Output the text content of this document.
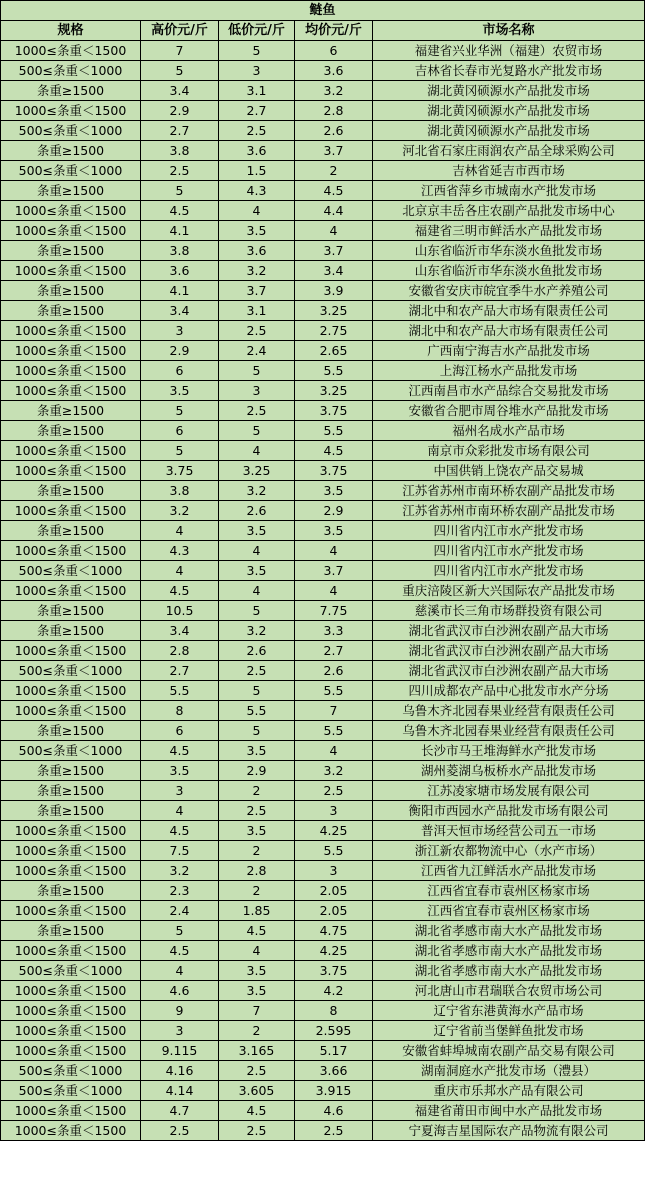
鲢鱼				
规格	高价元/斤	低价元/斤	均价元/斤	市场名称
1000≤条重＜1500	7	5	6	福建省兴业华洲（福建）农贸市场
500≤条重＜1000	5	3	3.6	吉林省长春市光复路水产批发市场
条重≥1500	3.4	3.1	3.2	湖北黄冈硕源水产品批发市场
1000≤条重＜1500	2.9	2.7	2.8	湖北黄冈硕源水产品批发市场
500≤条重＜1000	2.7	2.5	2.6	湖北黄冈硕源水产品批发市场
条重≥1500	3.8	3.6	3.7	河北省石家庄雨润农产品全球采购公司
500≤条重＜1000	2.5	1.5	2	吉林省延吉市西市场
条重≥1500	5	4.3	4.5	江西省萍乡市城南水产批发市场
1000≤条重＜1500	4.5	4	4.4	北京京丰岳各庄农副产品批发市场中心
1000≤条重＜1500	4.1	3.5	4	福建省三明市鲜活水产品批发市场
条重≥1500	3.8	3.6	3.7	山东省临沂市华东淡水鱼批发市场
1000≤条重＜1500	3.6	3.2	3.4	山东省临沂市华东淡水鱼批发市场
条重≥1500	4.1	3.7	3.9	安徽省安庆市皖宜季牛水产养殖公司
条重≥1500	3.4	3.1	3.25	湖北中和农产品大市场有限责任公司
1000≤条重＜1500	3	2.5	2.75	湖北中和农产品大市场有限责任公司
1000≤条重＜1500	2.9	2.4	2.65	广西南宁海吉水产品批发市场
1000≤条重＜1500	6	5	5.5	上海江杨水产品批发市场
1000≤条重＜1500	3.5	3	3.25	江西南昌市水产品综合交易批发市场
条重≥1500	5	2.5	3.75	安徽省合肥市周谷堆水产品批发市场
条重≥1500	6	5	5.5	福州名成水产品市场
1000≤条重＜1500	5	4	4.5	南京市众彩批发市场有限公司
1000≤条重＜1500	3.75	3.25	3.75	中国供销上饶农产品交易城
条重≥1500	3.8	3.2	3.5	江苏省苏州市南环桥农副产品批发市场
1000≤条重＜1500	3.2	2.6	2.9	江苏省苏州市南环桥农副产品批发市场
条重≥1500	4	3.5	3.5	四川省内江市水产批发市场
1000≤条重＜1500	4.3	4	4	四川省内江市水产批发市场
500≤条重＜1000	4	3.5	3.7	四川省内江市水产批发市场
1000≤条重＜1500	4.5	4	4	重庆涪陵区新大兴国际农产品批发市场
条重≥1500	10.5	5	7.75	慈溪市长三角市场群投资有限公司
条重≥1500	3.4	3.2	3.3	湖北省武汉市白沙洲农副产品大市场
1000≤条重＜1500	2.8	2.6	2.7	湖北省武汉市白沙洲农副产品大市场
500≤条重＜1000	2.7	2.5	2.6	湖北省武汉市白沙洲农副产品大市场
1000≤条重＜1500	5.5	5	5.5	四川成都农产品中心批发市水产分场
1000≤条重＜1500	8	5.5	7	乌鲁木齐北园春果业经营有限责任公司
条重≥1500	6	5	5.5	乌鲁木齐北园春果业经营有限责任公司
500≤条重＜1000	4.5	3.5	4	长沙市马王堆海鲜水产批发市场
条重≥1500	3.5	2.9	3.2	湖州菱湖乌板桥水产品批发市场
条重≥1500	3	2	2.5	江苏凌家塘市场发展有限公司
条重≥1500	4	2.5	3	衡阳市西园水产品批发市场有限公司
1000≤条重＜1500	4.5	3.5	4.25	普洱天恒市场经营公司五一市场
1000≤条重＜1500	7.5	2	5.5	浙江新农都物流中心（水产市场）
1000≤条重＜1500	3.2	2.8	3	江西省九江鲜活水产品批发市场
条重≥1500	2.3	2	2.05	江西省宜春市袁州区杨家市场
1000≤条重＜1500	2.4	1.85	2.05	江西省宜春市袁州区杨家市场
条重≥1500	5	4.5	4.75	湖北省孝感市南大水产品批发市场
1000≤条重＜1500	4.5	4	4.25	湖北省孝感市南大水产品批发市场
500≤条重＜1000	4	3.5	3.75	湖北省孝感市南大水产品批发市场
1000≤条重＜1500	4.6	3.5	4.2	河北唐山市君瑞联合农贸市场公司
1000≤条重＜1500	9	7	8	辽宁省东港黄海水产品市场
1000≤条重＜1500	3	2	2.595	辽宁省前当堡鲜鱼批发市场
1000≤条重＜1500	9.115	3.165	5.17	安徽省蚌埠城南农副产品交易有限公司
500≤条重＜1000	4.16	2.5	3.66	湖南洞庭水产批发市场（澧县）
500≤条重＜1000	4.14	3.605	3.915	重庆市乐邦水产品有限公司
1000≤条重＜1500	4.7	4.5	4.6	福建省莆田市闽中水产品批发市场
1000≤条重＜1500	2.5	2.5	2.5	宁夏海吉星国际农产品物流有限公司
